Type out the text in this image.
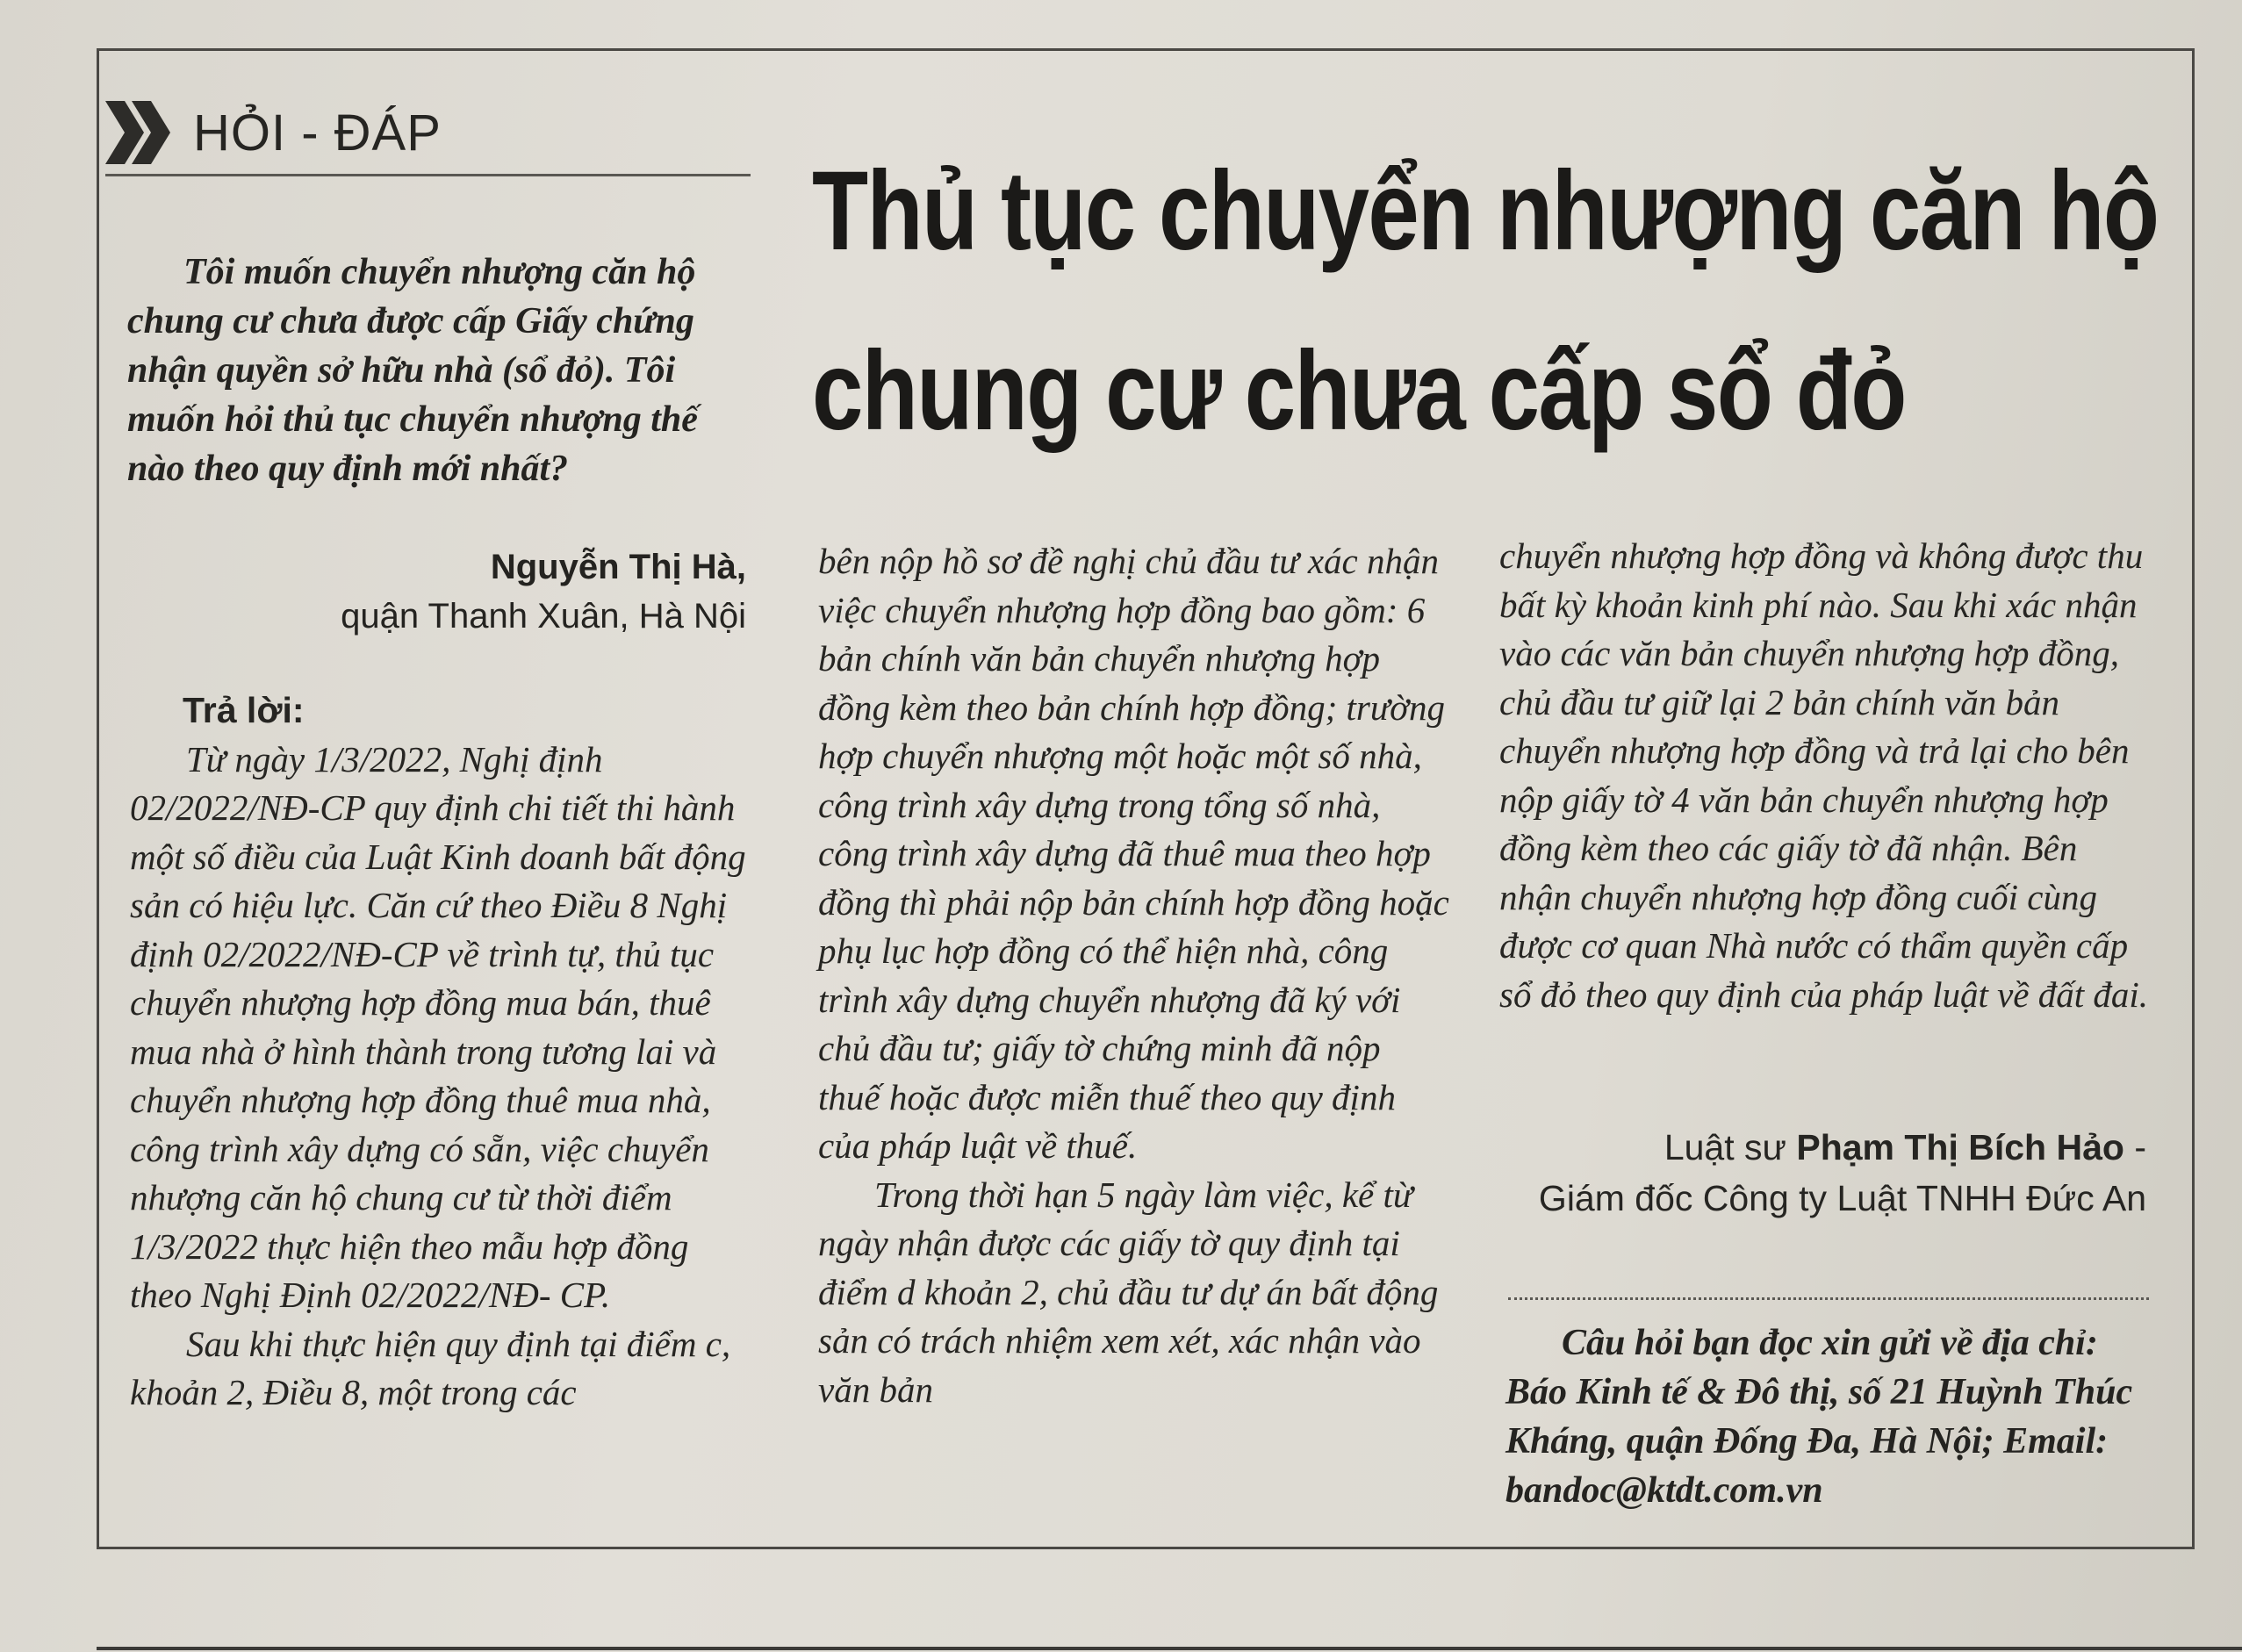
HỎI - ĐÁP
Thủ tục chuyển nhượng căn hộ
chung cư chưa cấp sổ đỏ
Tôi muốn chuyển nhượng căn hộ chung cư chưa được cấp Giấy chứng nhận quyền sở hữu nhà (sổ đỏ). Tôi muốn hỏi thủ tục chuyển nhượng thế nào theo quy định mới nhất?
Nguyễn Thị Hà,
quận Thanh Xuân, Hà Nội

Trả lời:

Từ ngày 1/3/2022, Nghị định 02/2022/NĐ-CP quy định chi tiết thi hành một số điều của Luật Kinh doanh bất động sản có hiệu lực. Căn cứ theo Điều 8 Nghị định 02/2022/NĐ-CP về trình tự, thủ tục chuyển nhượng hợp đồng mua bán, thuê mua nhà ở hình thành trong tương lai và chuyển nhượng hợp đồng thuê mua nhà, công trình xây dựng có sẵn, việc chuyển nhượng căn hộ chung cư từ thời điểm 1/3/2022 thực hiện theo mẫu hợp đồng theo Nghị Định 02/2022/NĐ- CP.

Sau khi thực hiện quy định tại điểm c, khoản 2, Điều 8, một trong các

bên nộp hồ sơ đề nghị chủ đầu tư xác nhận việc chuyển nhượng hợp đồng bao gồm: 6 bản chính văn bản chuyển nhượng hợp đồng kèm theo bản chính hợp đồng; trường hợp chuyển nhượng một hoặc một số nhà, công trình xây dựng trong tổng số nhà, công trình xây dựng đã thuê mua theo hợp đồng thì phải nộp bản chính hợp đồng hoặc phụ lục hợp đồng có thể hiện nhà, công trình xây dựng chuyển nhượng đã ký với chủ đầu tư; giấy tờ chứng minh đã nộp thuế hoặc được miễn thuế theo quy định của pháp luật về thuế.

Trong thời hạn 5 ngày làm việc, kể từ ngày nhận được các giấy tờ quy định tại điểm d khoản 2, chủ đầu tư dự án bất động sản có trách nhiệm xem xét, xác nhận vào văn bản

chuyển nhượng hợp đồng và không được thu bất kỳ khoản kinh phí nào. Sau khi xác nhận vào các văn bản chuyển nhượng hợp đồng, chủ đầu tư giữ lại 2 bản chính văn bản chuyển nhượng hợp đồng và trả lại cho bên nộp giấy tờ 4 văn bản chuyển nhượng hợp đồng kèm theo các giấy tờ đã nhận. Bên nhận chuyển nhượng hợp đồng cuối cùng được cơ quan Nhà nước có thẩm quyền cấp sổ đỏ theo quy định của pháp luật về đất đai.

Luật sư Phạm Thị Bích Hảo -
Giám đốc Công ty Luật TNHH Đức An
Câu hỏi bạn đọc xin gửi về địa chỉ: Báo Kinh tế & Đô thị, số 21 Huỳnh Thúc Kháng, quận Đống Đa, Hà Nội; Email: bandoc@ktdt.com.vn
